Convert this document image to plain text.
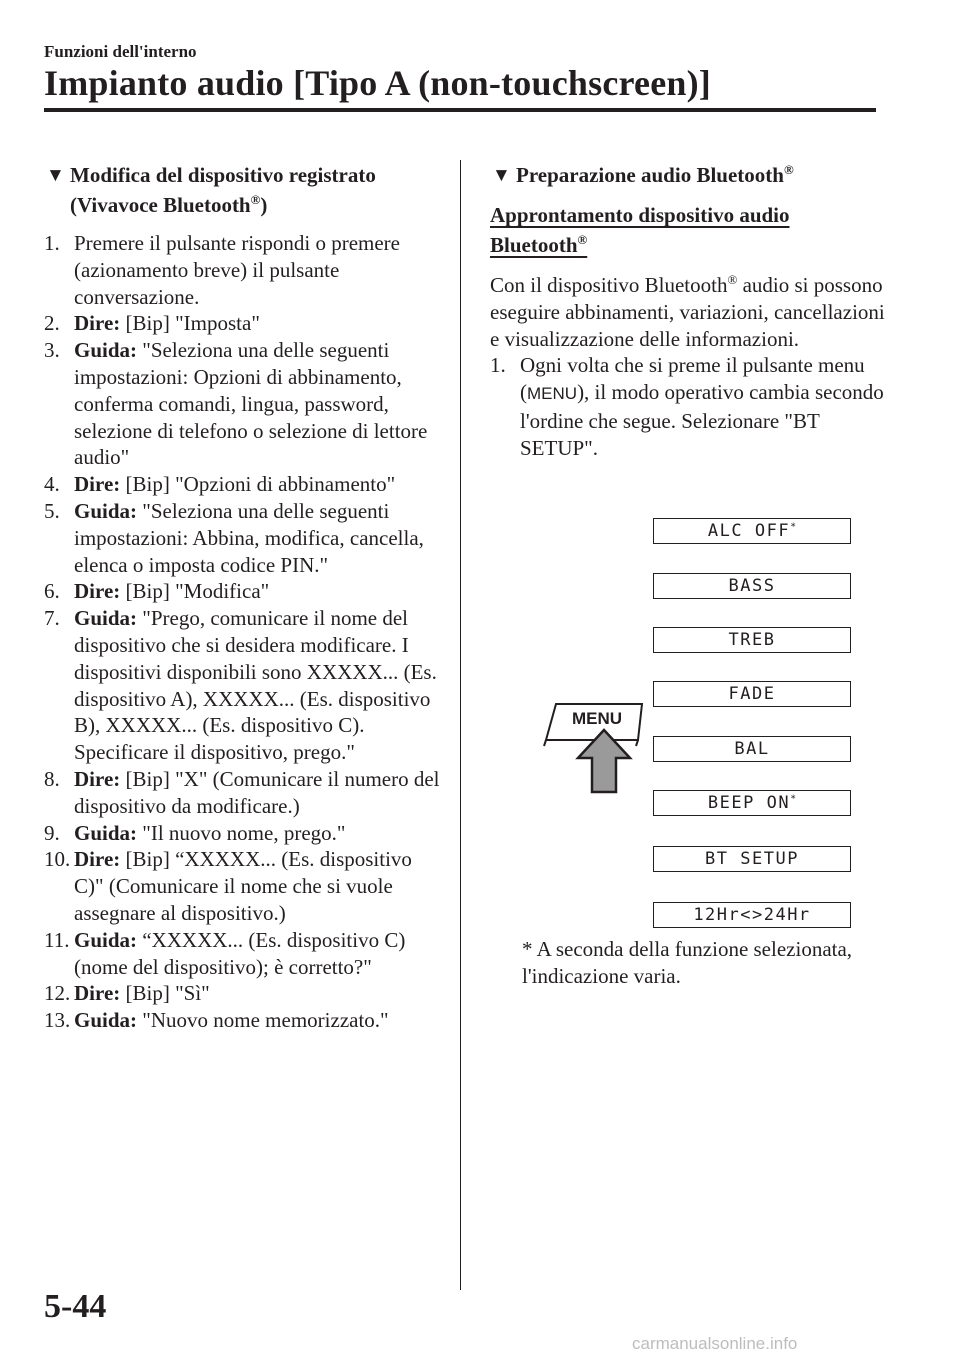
Funzioni dell'interno
Impianto audio [Tipo A (non-touchscreen)]
▼ Modifica del dispositivo registrato (Vivavoce Bluetooth®)
1. Premere il pulsante rispondi o premere (azionamento breve) il pulsante conversazione.
2. Dire: [Bip] "Imposta"
3. Guida: "Seleziona una delle seguenti impostazioni: Opzioni di abbinamento, conferma comandi, lingua, password, selezione di telefono o selezione di lettore audio"
4. Dire: [Bip] "Opzioni di abbinamento"
5. Guida: "Seleziona una delle seguenti impostazioni: Abbina, modifica, cancella, elenca o imposta codice PIN."
6. Dire: [Bip] "Modifica"
7. Guida: "Prego, comunicare il nome del dispositivo che si desidera modificare. I dispositivi disponibili sono XXXXX... (Es. dispositivo A), XXXXX... (Es. dispositivo B), XXXXX... (Es. dispositivo C). Specificare il dispositivo, prego."
8. Dire: [Bip] "X" (Comunicare il numero del dispositivo da modificare.)
9. Guida: "Il nuovo nome, prego."
10. Dire: [Bip] “XXXXX... (Es. dispositivo C)" (Comunicare il nome che si vuole assegnare al dispositivo.)
11. Guida: “XXXXX... (Es. dispositivo C) (nome del dispositivo); è corretto?"
12. Dire: [Bip] "Sì"
13. Guida: "Nuovo nome memorizzato."
▼ Preparazione audio Bluetooth®
Approntamento dispositivo audio Bluetooth®

Con il dispositivo Bluetooth® audio si possono eseguire abbinamenti, variazioni, cancellazioni e visualizzazione delle informazioni.

1. Ogni volta che si preme il pulsante menu (MENU), il modo operativo cambia secondo l'ordine che segue. Selezionare "BT SETUP".
ALC OFF*
BASS
TREB
FADE
BAL
BEEP ON*
BT SETUP
12Hr<>24Hr
MENU
* A seconda della funzione selezionata, l'indicazione varia.
5-44
carmanualsonline.info
